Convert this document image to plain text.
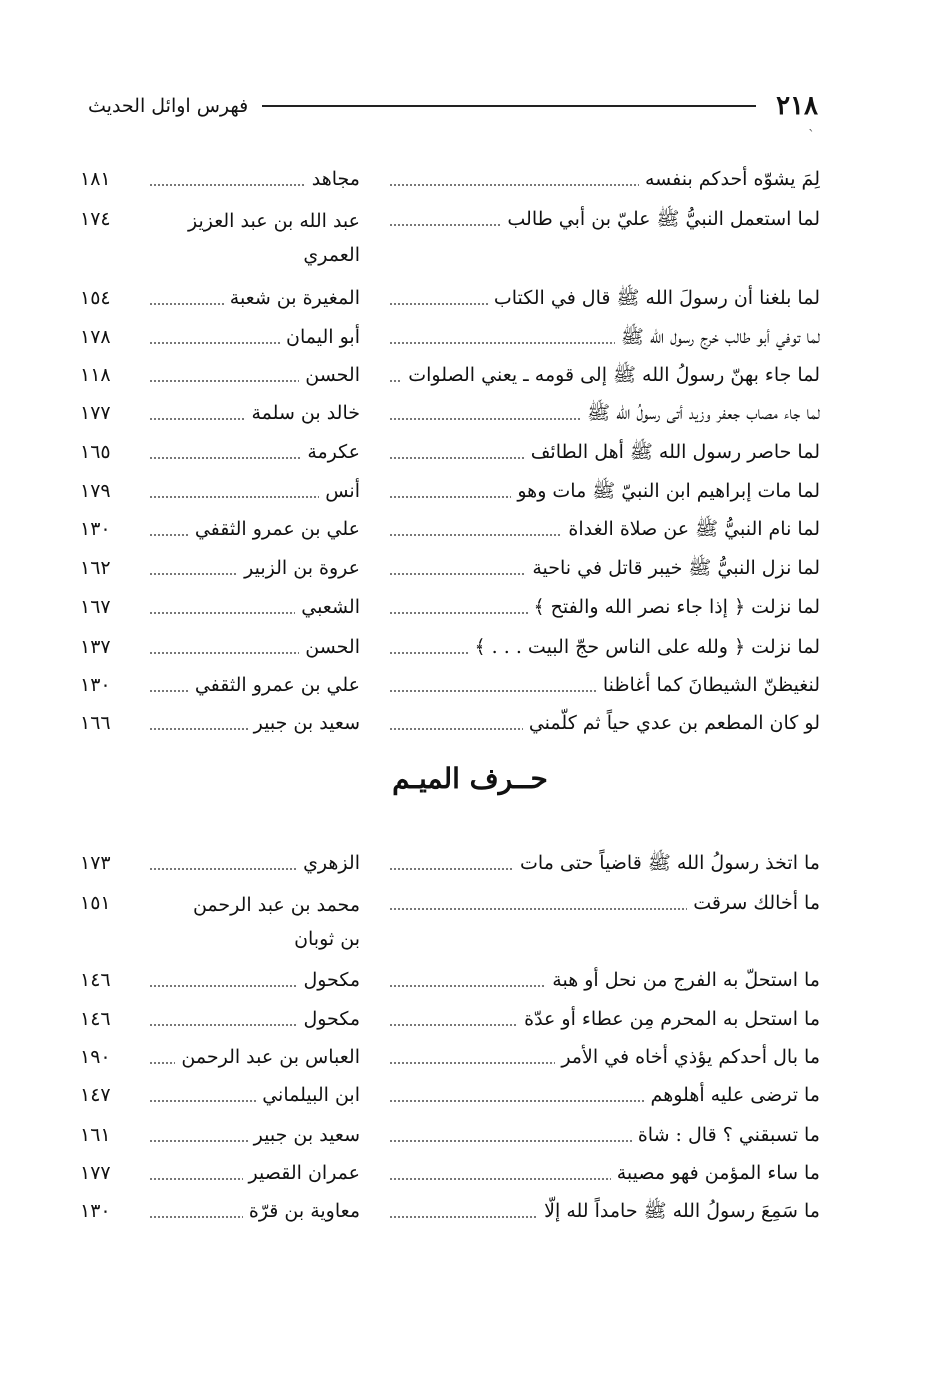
٢١٨
فهرس اوائل الحديث
`
لِمَ يشوّه أحدكم بنفسه
مجاهد
١٨١
لما استعمل النبيُّ ﷺ عليّ بن أبي طالب
عبد الله بن عبد العزيز العمري
١٧٤
لما بلغنا أن رسولَ الله ﷺ قال في الكتاب
المغيرة بن شعبة
١٥٤
لما توفي أبو طالب خرج رسول الله ﷺ
أبو اليمان
١٧٨
لما جاء بهنّ رسولُ الله ﷺ إلى قومه ـ يعني الصلوات
الحسن
١١٨
لما جاء مصاب جعفر وزيد أتى رسولُ الله ﷺ
خالد بن سلمة
١٧٧
لما حاصر رسول الله ﷺ أهل الطائف
عكرمة
١٦٥
لما مات إبراهيم ابن النبيّ ﷺ مات وهو
أنس
١٧٩
لما نام النبيُّ ﷺ عن صلاة الغداة
علي بن عمرو الثقفي
١٣٠
لما نزل النبيُّ ﷺ خيبر قاتل في ناحية
عروة بن الزبير
١٦٢
لما نزلت ﴿ إذا جاء نصر الله والفتح ﴾
الشعبي
١٦٧
لما نزلت ﴿ ولله على الناس حجّ البيت . . . ﴾
الحسن
١٣٧
لنغيظنّ الشيطانَ كما أغاظنا
علي بن عمرو الثقفي
١٣٠
لو كان المطعم بن عدي حياً ثم كلّمني
سعيد بن جبير
١٦٦
حــرف الميـم
ما اتخذ رسولُ الله ﷺ قاضياً حتى مات
الزهري
١٧٣
ما أخالك سرقت
محمد بن عبد الرحمن بن ثوبان
١٥١
ما استحلّ به الفرج من نحل أو هبة
مكحول
١٤٦
ما استحل به المحرم مِن عطاء أو عدّة
مكحول
١٤٦
ما بال أحدكم يؤذي أخاه في الأمر
العباس بن عبد الرحمن
١٩٠
ما ترضى عليه أهلوهم
ابن البيلماني
١٤٧
ما تسبقني ؟ قال : شاة
سعيد بن جبير
١٦١
ما ساء المؤمن فهو مصيبة
عمران القصير
١٧٧
ما سَمِعَ رسولُ الله ﷺ حامداً لله إلّا
معاوية بن قرّة
١٣٠
